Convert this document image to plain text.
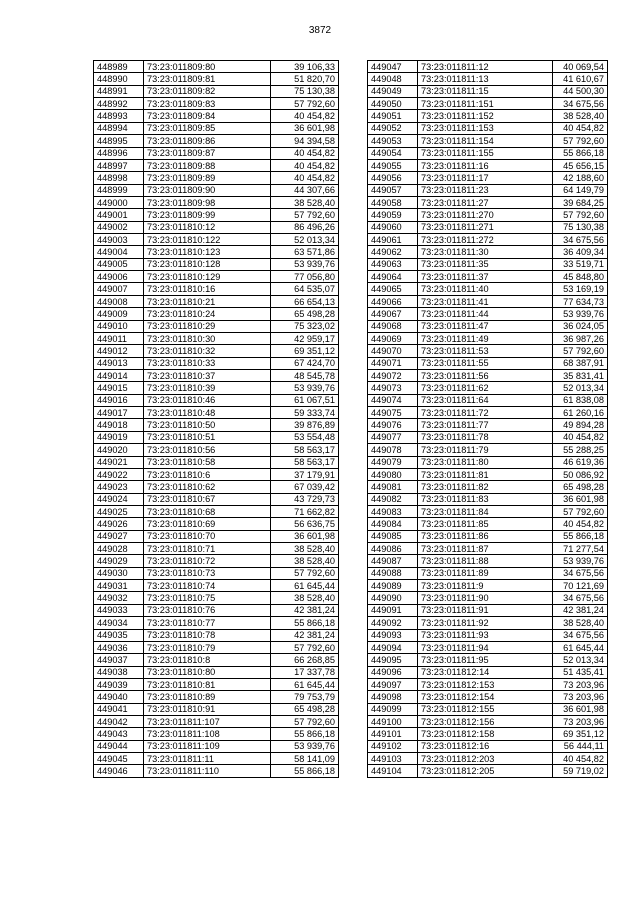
3872
448989	73:23:011809:80	39 106,33
448990	73:23:011809:81	51 820,70
448991	73:23:011809:82	75 130,38
448992	73:23:011809:83	57 792,60
448993	73:23:011809:84	40 454,82
448994	73:23:011809:85	36 601,98
448995	73:23:011809:86	94 394,58
448996	73:23:011809:87	40 454,82
448997	73:23:011809:88	40 454,82
448998	73:23:011809:89	40 454,82
448999	73:23:011809:90	44 307,66
449000	73:23:011809:98	38 528,40
449001	73:23:011809:99	57 792,60
449002	73:23:011810:12	86 496,26
449003	73:23:011810:122	52 013,34
449004	73:23:011810:123	63 571,86
449005	73:23:011810:128	53 939,76
449006	73:23:011810:129	77 056,80
449007	73:23:011810:16	64 535,07
449008	73:23:011810:21	66 654,13
449009	73:23:011810:24	65 498,28
449010	73:23:011810:29	75 323,02
449011	73:23:011810:30	42 959,17
449012	73:23:011810:32	69 351,12
449013	73:23:011810:33	67 424,70
449014	73:23:011810:37	48 545,78
449015	73:23:011810:39	53 939,76
449016	73:23:011810:46	61 067,51
449017	73:23:011810:48	59 333,74
449018	73:23:011810:50	39 876,89
449019	73:23:011810:51	53 554,48
449020	73:23:011810:56	58 563,17
449021	73:23:011810:58	58 563,17
449022	73:23:011810:6	37 179,91
449023	73:23:011810:62	67 039,42
449024	73:23:011810:67	43 729,73
449025	73:23:011810:68	71 662,82
449026	73:23:011810:69	56 636,75
449027	73:23:011810:70	36 601,98
449028	73:23:011810:71	38 528,40
449029	73:23:011810:72	38 528,40
449030	73:23:011810:73	57 792,60
449031	73:23:011810:74	61 645,44
449032	73:23:011810:75	38 528,40
449033	73:23:011810:76	42 381,24
449034	73:23:011810:77	55 866,18
449035	73:23:011810:78	42 381,24
449036	73:23:011810:79	57 792,60
449037	73:23:011810:8	66 268,85
449038	73:23:011810:80	17 337,78
449039	73:23:011810:81	61 645,44
449040	73:23:011810:89	79 753,79
449041	73:23:011810:91	65 498,28
449042	73:23:011811:107	57 792,60
449043	73:23:011811:108	55 866,18
449044	73:23:011811:109	53 939,76
449045	73:23:011811:11	58 141,09
449046	73:23:011811:110	55 866,18
449047	73:23:011811:12	40 069,54
449048	73:23:011811:13	41 610,67
449049	73:23:011811:15	44 500,30
449050	73:23:011811:151	34 675,56
449051	73:23:011811:152	38 528,40
449052	73:23:011811:153	40 454,82
449053	73:23:011811:154	57 792,60
449054	73:23:011811:155	55 866,18
449055	73:23:011811:16	45 656,15
449056	73:23:011811:17	42 188,60
449057	73:23:011811:23	64 149,79
449058	73:23:011811:27	39 684,25
449059	73:23:011811:270	57 792,60
449060	73:23:011811:271	75 130,38
449061	73:23:011811:272	34 675,56
449062	73:23:011811:30	36 409,34
449063	73:23:011811:35	33 519,71
449064	73:23:011811:37	45 848,80
449065	73:23:011811:40	53 169,19
449066	73:23:011811:41	77 634,73
449067	73:23:011811:44	53 939,76
449068	73:23:011811:47	36 024,05
449069	73:23:011811:49	36 987,26
449070	73:23:011811:53	57 792,60
449071	73:23:011811:55	68 387,91
449072	73:23:011811:56	35 831,41
449073	73:23:011811:62	52 013,34
449074	73:23:011811:64	61 838,08
449075	73:23:011811:72	61 260,16
449076	73:23:011811:77	49 894,28
449077	73:23:011811:78	40 454,82
449078	73:23:011811:79	55 288,25
449079	73:23:011811:80	46 619,36
449080	73:23:011811:81	50 086,92
449081	73:23:011811:82	65 498,28
449082	73:23:011811:83	36 601,98
449083	73:23:011811:84	57 792,60
449084	73:23:011811:85	40 454,82
449085	73:23:011811:86	55 866,18
449086	73:23:011811:87	71 277,54
449087	73:23:011811:88	53 939,76
449088	73:23:011811:89	34 675,56
449089	73:23:011811:9	70 121,69
449090	73:23:011811:90	34 675,56
449091	73:23:011811:91	42 381,24
449092	73:23:011811:92	38 528,40
449093	73:23:011811:93	34 675,56
449094	73:23:011811:94	61 645,44
449095	73:23:011811:95	52 013,34
449096	73:23:011812:14	51 435,41
449097	73:23:011812:153	73 203,96
449098	73:23:011812:154	73 203,96
449099	73:23:011812:155	36 601,98
449100	73:23:011812:156	73 203,96
449101	73:23:011812:158	69 351,12
449102	73:23:011812:16	56 444,11
449103	73:23:011812:203	40 454,82
449104	73:23:011812:205	59 719,02
